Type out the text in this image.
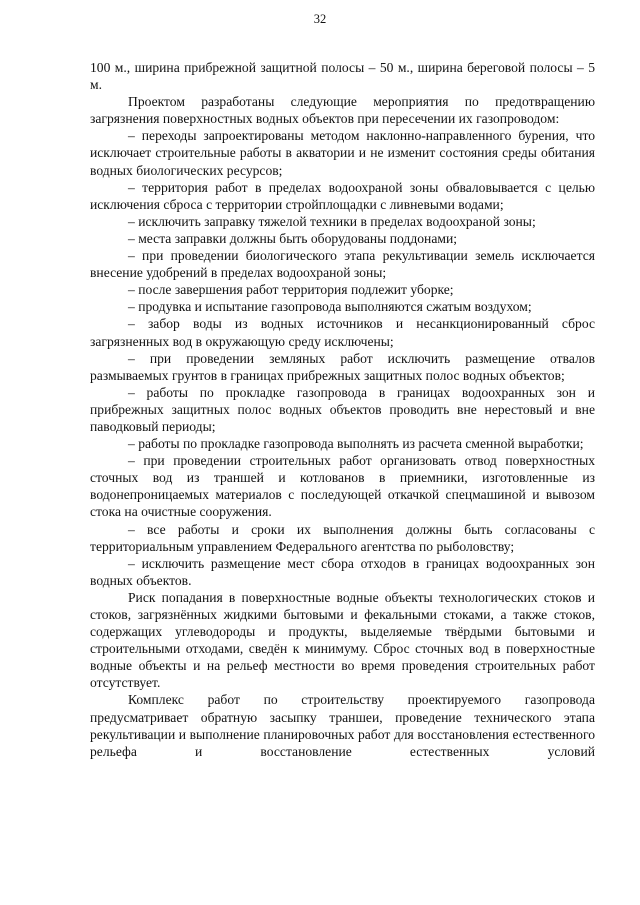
32

100 м., ширина прибрежной защитной полосы – 50 м., ширина береговой полосы – 5 м.

Проектом разработаны следующие мероприятия по предотвращению загрязнения поверхностных водных объектов при пересечении их газопроводом:

– переходы запроектированы методом наклонно-направленного бурения, что исключает строительные работы в акватории и не изменит состояния среды обитания водных биологических ресурсов;

– территория работ в пределах водоохраной зоны обваловывается с целью исключения сброса с территории стройплощадки с ливневыми водами;

– исключить заправку тяжелой техники в пределах водоохраной зоны;

– места заправки должны быть оборудованы поддонами;

– при проведении биологического этапа рекультивации земель исключается внесение удобрений в пределах водоохраной зоны;

– после завершения работ территория подлежит уборке;

– продувка и испытание газопровода выполняются сжатым воздухом;

– забор воды из водных источников и несанкционированный сброс загрязненных вод в окружающую среду исключены;

– при проведении земляных работ исключить размещение отвалов размываемых грунтов в границах прибрежных защитных полос водных объектов;

– работы по прокладке газопровода в границах водоохранных зон и прибрежных защитных полос водных объектов проводить вне нерестовый и вне паводковый периоды;

– работы по прокладке газопровода выполнять из расчета сменной выработки;

– при проведении строительных работ организовать отвод поверхностных сточных вод из траншей и котлованов в приемники, изготовленные из водонепроницаемых материалов с последующей откачкой спецмашиной и вывозом стока на очистные сооружения.

– все работы и сроки их выполнения должны быть согласованы с территориальным управлением Федерального агентства по рыболовству;

– исключить размещение мест сбора отходов в границах водоохранных зон водных объектов.

Риск попадания в поверхностные водные объекты технологических стоков и стоков, загрязнённых жидкими бытовыми и фекальными стоками, а также стоков, содержащих углеводороды и продукты, выделяемые твёрдыми бытовыми и строительными отходами, сведён к минимуму. Сброс сточных вод в поверхностные водные объекты и на рельеф местности во время проведения строительных работ отсутствует.

Комплекс работ по строительству проектируемого газопровода предусматривает обратную засыпку траншеи, проведение технического этапа рекультивации и выполнение планировочных работ для восстановления естественного рельефа и восстановление естественных условий
